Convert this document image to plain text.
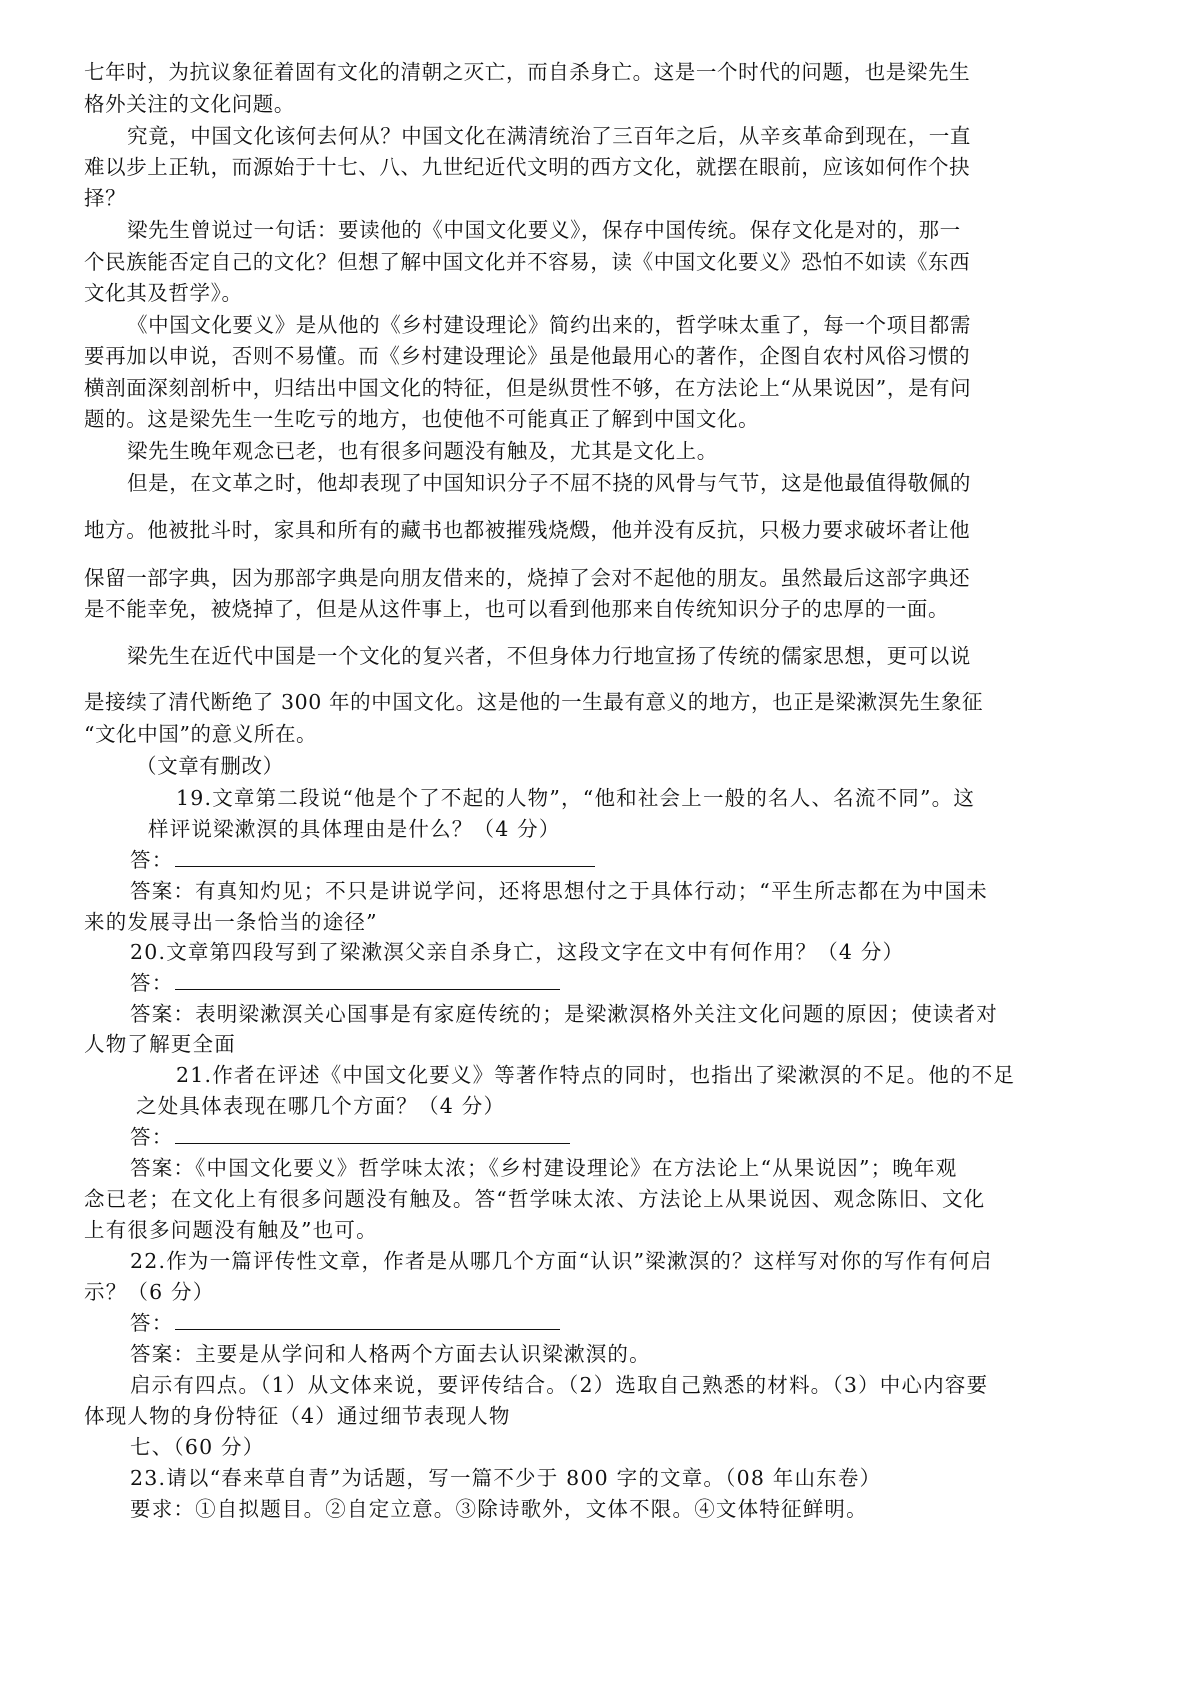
七年时，为抗议象征着固有文化的清朝之灭亡，而自杀身亡。这是一个时代的问题，也是梁先生
格外关注的文化问题。
究竟，中国文化该何去何从？中国文化在满清统治了三百年之后，从辛亥革命到现在，一直
难以步上正轨，而源始于十七、八、九世纪近代文明的西方文化，就摆在眼前，应该如何作个抉
择？
梁先生曾说过一句话：要读他的《中国文化要义》，保存中国传统。保存文化是对的，那一
个民族能否定自己的文化？但想了解中国文化并不容易，读《中国文化要义》恐怕不如读《东西
文化其及哲学》。
《中国文化要义》是从他的《乡村建设理论》简约出来的，哲学味太重了，每一个项目都需
要再加以申说，否则不易懂。而《乡村建设理论》虽是他最用心的著作，企图自农村风俗习惯的
横剖面深刻剖析中，归结出中国文化的特征，但是纵贯性不够，在方法论上“从果说因”，是有问
题的。这是梁先生一生吃亏的地方，也使他不可能真正了解到中国文化。
梁先生晚年观念已老，也有很多问题没有触及，尤其是文化上。
但是，在文革之时，他却表现了中国知识分子不屈不挠的风骨与气节，这是他最值得敬佩的
地方。他被批斗时，家具和所有的藏书也都被摧残烧燬，他并没有反抗，只极力要求破坏者让他
保留一部字典，因为那部字典是向朋友借来的，烧掉了会对不起他的朋友。虽然最后这部字典还
是不能幸免，被烧掉了，但是从这件事上，也可以看到他那来自传统知识分子的忠厚的一面。
梁先生在近代中国是一个文化的复兴者，不但身体力行地宣扬了传统的儒家思想，更可以说
是接续了清代断绝了 300 年的中国文化。这是他的一生最有意义的地方，也正是梁漱溟先生象征
“文化中国”的意义所在。
（文章有删改）
19.文章第二段说“他是个了不起的人物”，“他和社会上一般的名人、名流不同”。这
样评说梁漱溟的具体理由是什么？（4 分）
答：
答案：有真知灼见；不只是讲说学问，还将思想付之于具体行动；“平生所志都在为中国未
来的发展寻出一条恰当的途径”
20.文章第四段写到了梁漱溟父亲自杀身亡，这段文字在文中有何作用？（4 分）
答：
答案：表明梁漱溟关心国事是有家庭传统的；是梁漱溟格外关注文化问题的原因；使读者对
人物了解更全面
21.作者在评述《中国文化要义》等著作特点的同时，也指出了梁漱溟的不足。他的不足
之处具体表现在哪几个方面？（4 分）
答：
答案：《中国文化要义》哲学味太浓；《乡村建设理论》在方法论上“从果说因”；晚年观
念已老；在文化上有很多问题没有触及。答“哲学味太浓、方法论上从果说因、观念陈旧、文化
上有很多问题没有触及”也可。
22.作为一篇评传性文章，作者是从哪几个方面“认识”梁漱溟的？这样写对你的写作有何启
示？（6 分）
答：
答案：主要是从学问和人格两个方面去认识梁漱溟的。
启示有四点。（1）从文体来说，要评传结合。（2）选取自己熟悉的材料。（3）中心内容要
体现人物的身份特征（4）通过细节表现人物
七、（60 分）
23.请以“春来草自青”为话题，写一篇不少于 800 字的文章。（08 年山东卷）
要求：①自拟题目。②自定立意。③除诗歌外，文体不限。④文体特征鲜明。
